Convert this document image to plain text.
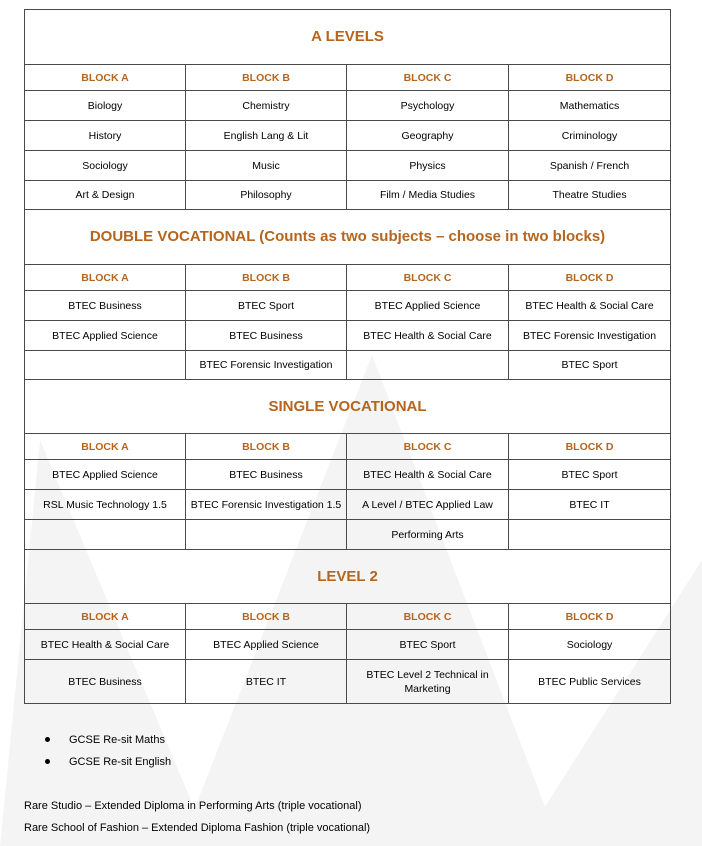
A LEVELS			
BLOCK A	BLOCK B	BLOCK C	BLOCK D
Biology	Chemistry	Psychology	Mathematics
History	English Lang & Lit	Geography	Criminology
Sociology	Music	Physics	Spanish / French
Art & Design	Philosophy	Film / Media Studies	Theatre Studies
DOUBLE VOCATIONAL (Counts as two subjects – choose in two blocks)			
BLOCK A	BLOCK B	BLOCK C	BLOCK D
BTEC Business	BTEC Sport	BTEC Applied Science	BTEC Health & Social Care
BTEC Applied Science	BTEC Business	BTEC Health & Social Care	BTEC Forensic Investigation
	BTEC Forensic Investigation		BTEC Sport
SINGLE VOCATIONAL			
BLOCK A	BLOCK B	BLOCK C	BLOCK D
BTEC Applied Science	BTEC Business	BTEC Health & Social Care	BTEC Sport
RSL Music Technology 1.5	BTEC Forensic Investigation 1.5	A Level / BTEC Applied Law	BTEC IT
		Performing Arts	
LEVEL 2			
BLOCK A	BLOCK B	BLOCK C	BLOCK D
BTEC Health & Social Care	BTEC Applied Science	BTEC Sport	Sociology
BTEC Business	BTEC IT	BTEC Level 2 Technical in Marketing	BTEC Public Services
GCSE Re-sit Maths
GCSE Re-sit English
Rare Studio – Extended Diploma in Performing Arts (triple vocational)
Rare School of Fashion – Extended Diploma Fashion (triple vocational)
